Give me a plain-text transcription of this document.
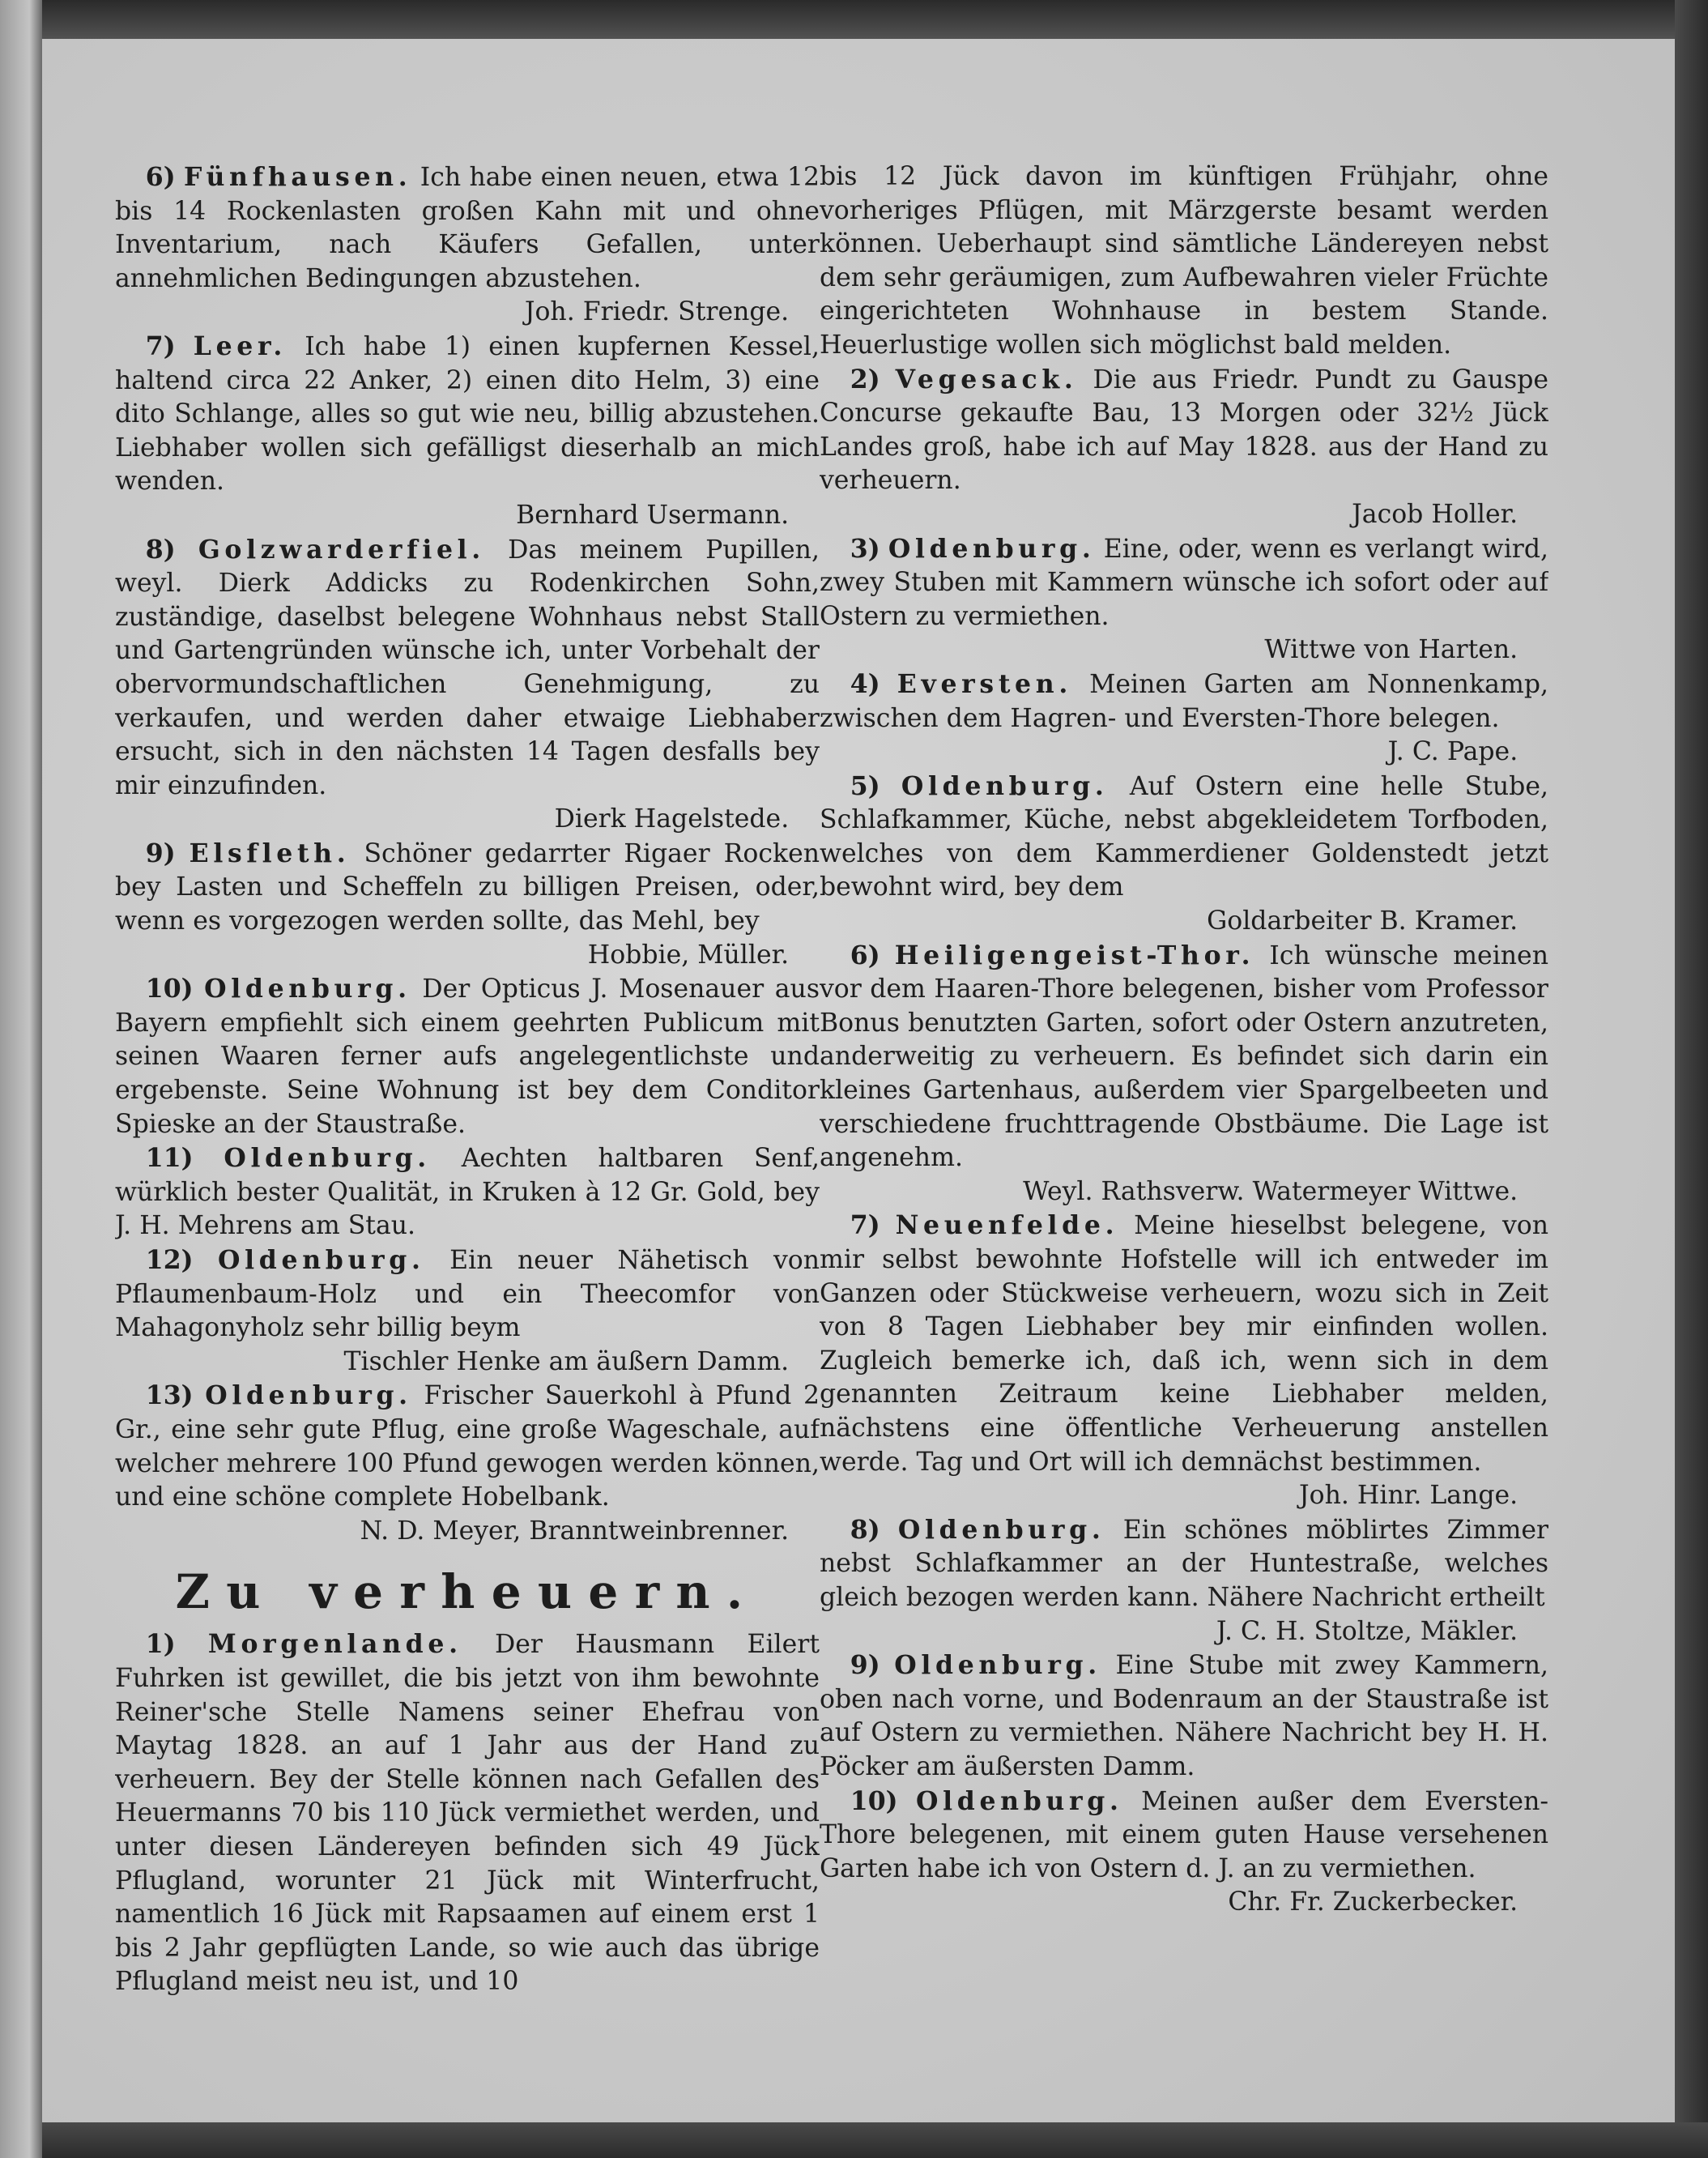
6) Fünfhausen. Ich habe einen neuen, etwa 12 bis 14 Rockenlasten großen Kahn mit und ohne Inventarium, nach Käufers Gefallen, unter annehmlichen Bedingungen abzustehen.

Joh. Friedr. Strenge.

7) Leer. Ich habe 1) einen kupfernen Kessel, haltend circa 22 Anker, 2) einen dito Helm, 3) eine dito Schlange, alles so gut wie neu, billig abzustehen. Liebhaber wollen sich gefälligst dieserhalb an mich wenden.

Bernhard Usermann.

8) Golzwarderfiel. Das meinem Pupillen, weyl. Dierk Addicks zu Rodenkirchen Sohn, zuständige, daselbst belegene Wohnhaus nebst Stall und Gartengründen wünsche ich, unter Vorbehalt der obervormundschaftlichen Genehmigung, zu verkaufen, und werden daher etwaige Liebhaber ersucht, sich in den nächsten 14 Tagen desfalls bey mir einzufinden.

Dierk Hagelstede.

9) Elsfleth. Schöner gedarrter Rigaer Rocken bey Lasten und Scheffeln zu billigen Preisen, oder, wenn es vorgezogen werden sollte, das Mehl, bey

Hobbie, Müller.

10) Oldenburg. Der Opticus J. Mosenauer aus Bayern empfiehlt sich einem geehrten Publicum mit seinen Waaren ferner aufs angelegentlichste und ergebenste. Seine Wohnung ist bey dem Conditor Spieske an der Staustraße.

11) Oldenburg. Aechten haltbaren Senf, würklich bester Qualität, in Kruken à 12 Gr. Gold, bey J. H. Mehrens am Stau.

12) Oldenburg. Ein neuer Nähetisch von Pflaumenbaum-Holz und ein Theecomfor von Mahagonyholz sehr billig beym

Tischler Henke am äußern Damm.

13) Oldenburg. Frischer Sauerkohl à Pfund 2 Gr., eine sehr gute Pflug, eine große Wageschale, auf welcher mehrere 100 Pfund gewogen werden können, und eine schöne complete Hobelbank.

N. D. Meyer, Branntweinbrenner.

Zu verheuern.

1) Morgenlande. Der Hausmann Eilert Fuhrken ist gewillet, die bis jetzt von ihm bewohnte Reiner'sche Stelle Namens seiner Ehefrau von Maytag 1828. an auf 1 Jahr aus der Hand zu verheuern. Bey der Stelle können nach Gefallen des Heuermanns 70 bis 110 Jück vermiethet werden, und unter diesen Ländereyen befinden sich 49 Jück Pflugland, worunter 21 Jück mit Winterfrucht, namentlich 16 Jück mit Rapsaamen auf einem erst 1 bis 2 Jahr gepflügten Lande, so wie auch das übrige Pflugland meist neu ist, und 10

bis 12 Jück davon im künftigen Frühjahr, ohne vorheriges Pflügen, mit Märzgerste besamt werden können. Ueberhaupt sind sämtliche Ländereyen nebst dem sehr geräumigen, zum Aufbewahren vieler Früchte eingerichteten Wohnhause in bestem Stande. Heuerlustige wollen sich möglichst bald melden.

2) Vegesack. Die aus Friedr. Pundt zu Gauspe Concurse gekaufte Bau, 13 Morgen oder 32½ Jück Landes groß, habe ich auf May 1828. aus der Hand zu verheuern.

Jacob Holler.

3) Oldenburg. Eine, oder, wenn es verlangt wird, zwey Stuben mit Kammern wünsche ich sofort oder auf Ostern zu vermiethen.

Wittwe von Harten.

4) Eversten. Meinen Garten am Nonnenkamp, zwischen dem Hagren- und Eversten-Thore belegen.

J. C. Pape.

5) Oldenburg. Auf Ostern eine helle Stube, Schlafkammer, Küche, nebst abgekleidetem Torfboden, welches von dem Kammerdiener Goldenstedt jetzt bewohnt wird, bey dem

Goldarbeiter B. Kramer.

6) Heiligengeist-Thor. Ich wünsche meinen vor dem Haaren-Thore belegenen, bisher vom Professor Bonus benutzten Garten, sofort oder Ostern anzutreten, anderweitig zu verheuern. Es befindet sich darin ein kleines Gartenhaus, außerdem vier Spargelbeeten und verschiedene fruchttragende Obstbäume. Die Lage ist angenehm.

Weyl. Rathsverw. Watermeyer Wittwe.

7) Neuenfelde. Meine hieselbst belegene, von mir selbst bewohnte Hofstelle will ich entweder im Ganzen oder Stückweise verheuern, wozu sich in Zeit von 8 Tagen Liebhaber bey mir einfinden wollen. Zugleich bemerke ich, daß ich, wenn sich in dem genannten Zeitraum keine Liebhaber melden, nächstens eine öffentliche Verheuerung anstellen werde. Tag und Ort will ich demnächst bestimmen.

Joh. Hinr. Lange.

8) Oldenburg. Ein schönes möblirtes Zimmer nebst Schlafkammer an der Huntestraße, welches gleich bezogen werden kann. Nähere Nachricht ertheilt

J. C. H. Stoltze, Mäkler.

9) Oldenburg. Eine Stube mit zwey Kammern, oben nach vorne, und Bodenraum an der Staustraße ist auf Ostern zu vermiethen. Nähere Nachricht bey H. H. Pöcker am äußersten Damm.

10) Oldenburg. Meinen außer dem Eversten-Thore belegenen, mit einem guten Hause versehenen Garten habe ich von Ostern d. J. an zu vermiethen.

Chr. Fr. Zuckerbecker.
